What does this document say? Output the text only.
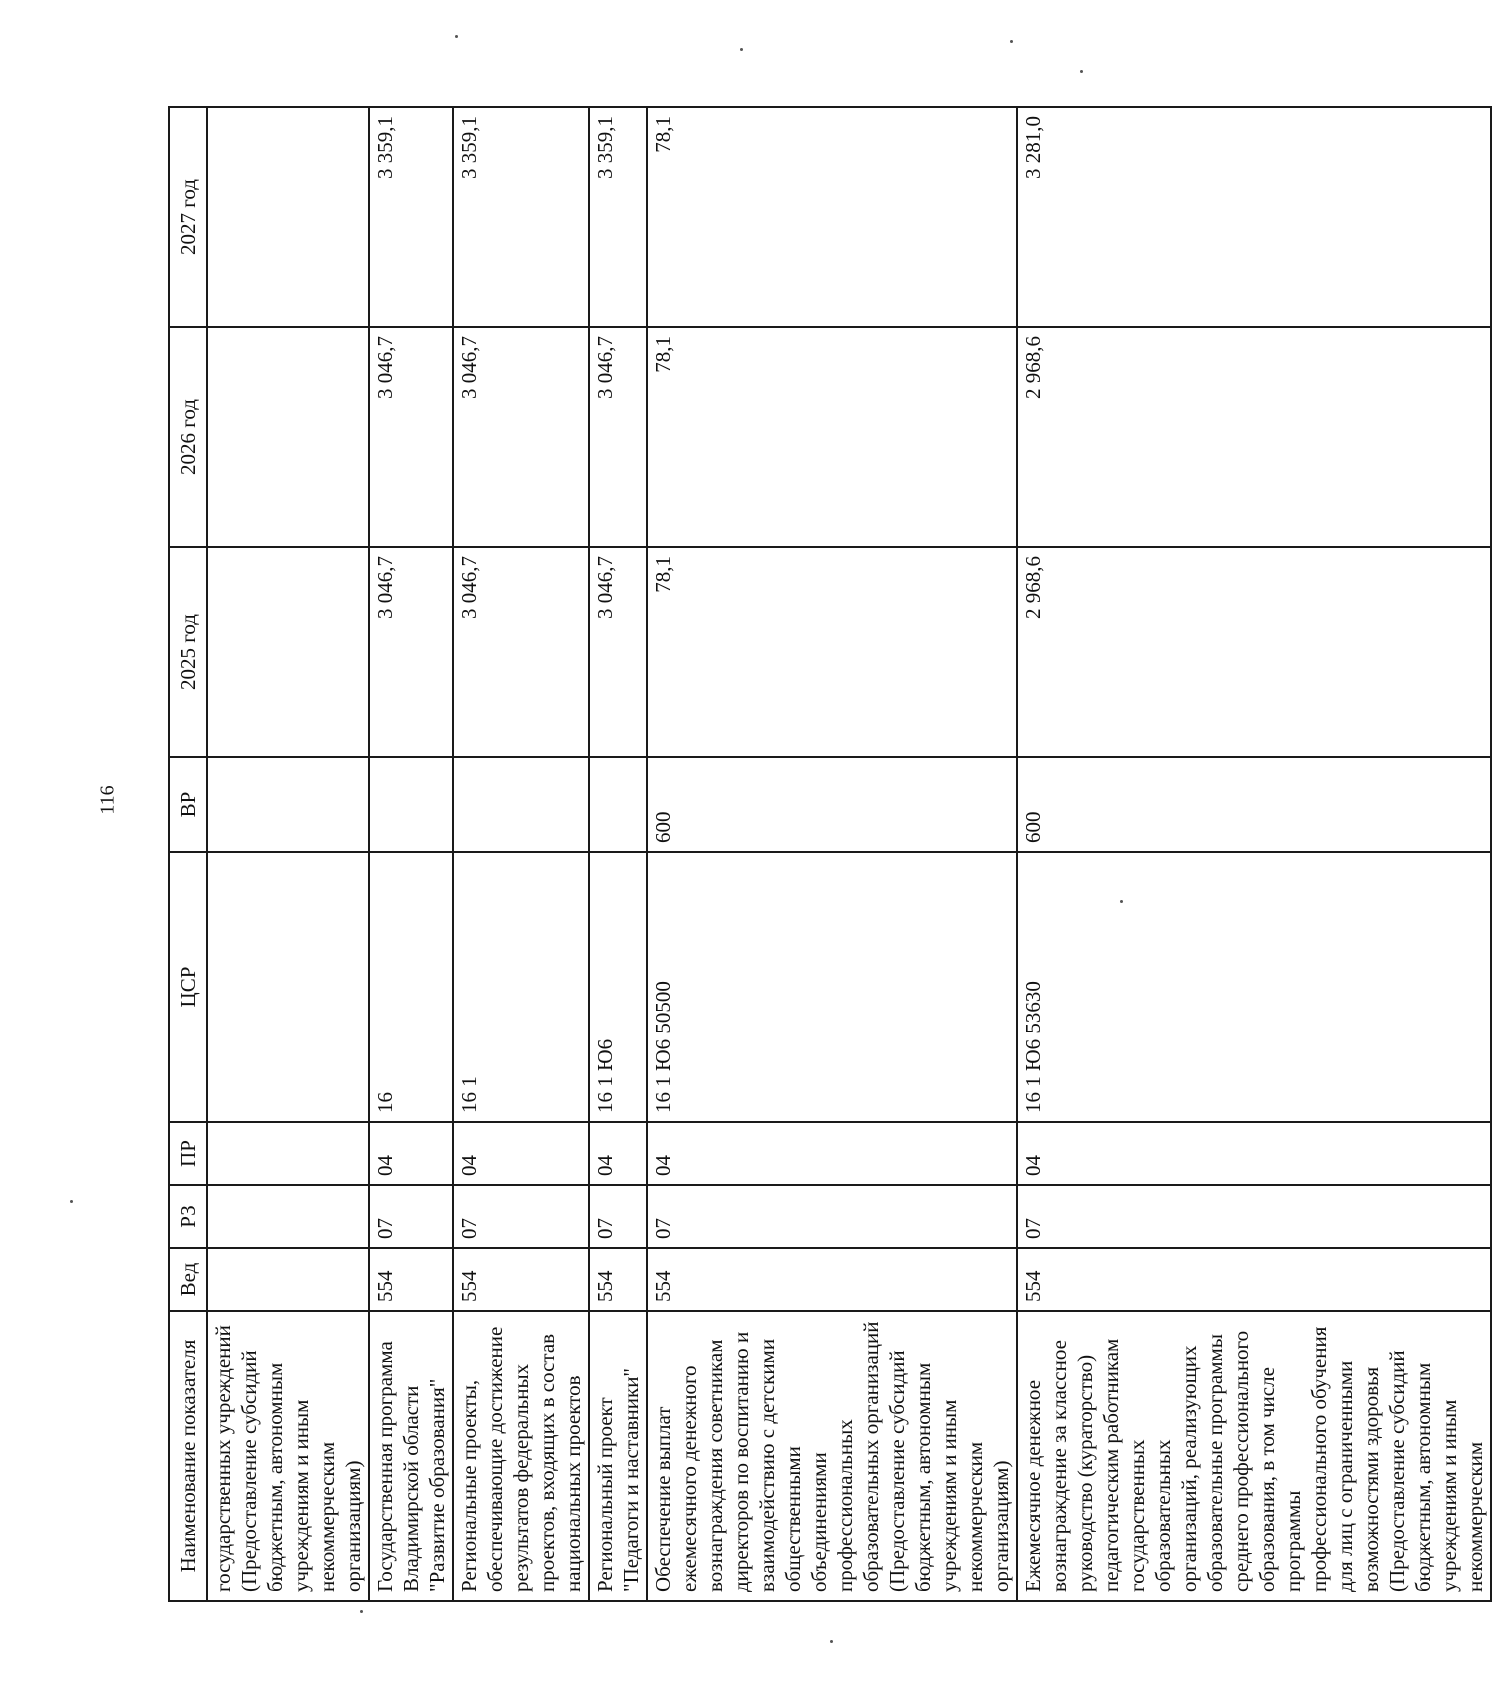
116
Наименование показателя	Вед	РЗ	ПР	ЦСР	ВР	2025 год	2026 год	2027 год
государственных учреждений (Предоставление субсидий бюджетным, автономным учреждениям и иным некоммерческим организациям)								
Государственная программа Владимирской области "Развитие образования"	554	07	04	16		3 046,7	3 046,7	3 359,1
Региональные проекты, обеспечивающие достижение результатов федеральных проектов, входящих в состав национальных проектов	554	07	04	16 1		3 046,7	3 046,7	3 359,1
Региональный проект "Педагоги и наставники"	554	07	04	16 1 Ю6		3 046,7	3 046,7	3 359,1
Обеспечение выплат ежемесячного денежного вознаграждения советникам директоров по воспитанию и взаимодействию с детскими общественными объединениями профессиональных образовательных организаций (Предоставление субсидий бюджетным, автономным учреждениям и иным некоммерческим организациям)	554	07	04	16 1 Ю6 50500	600	78,1	78,1	78,1
Ежемесячное денежное вознаграждение за классное руководство (кураторство) педагогическим работникам государственных образовательных организаций, реализующих образовательные программы среднего профессионального образования, в том числе программы профессионального обучения для лиц с ограниченными возможностями здоровья (Предоставление субсидий бюджетным, автономным учреждениям и иным некоммерческим	554	07	04	16 1 Ю6 53630	600	2 968,6	2 968,6	3 281,0
